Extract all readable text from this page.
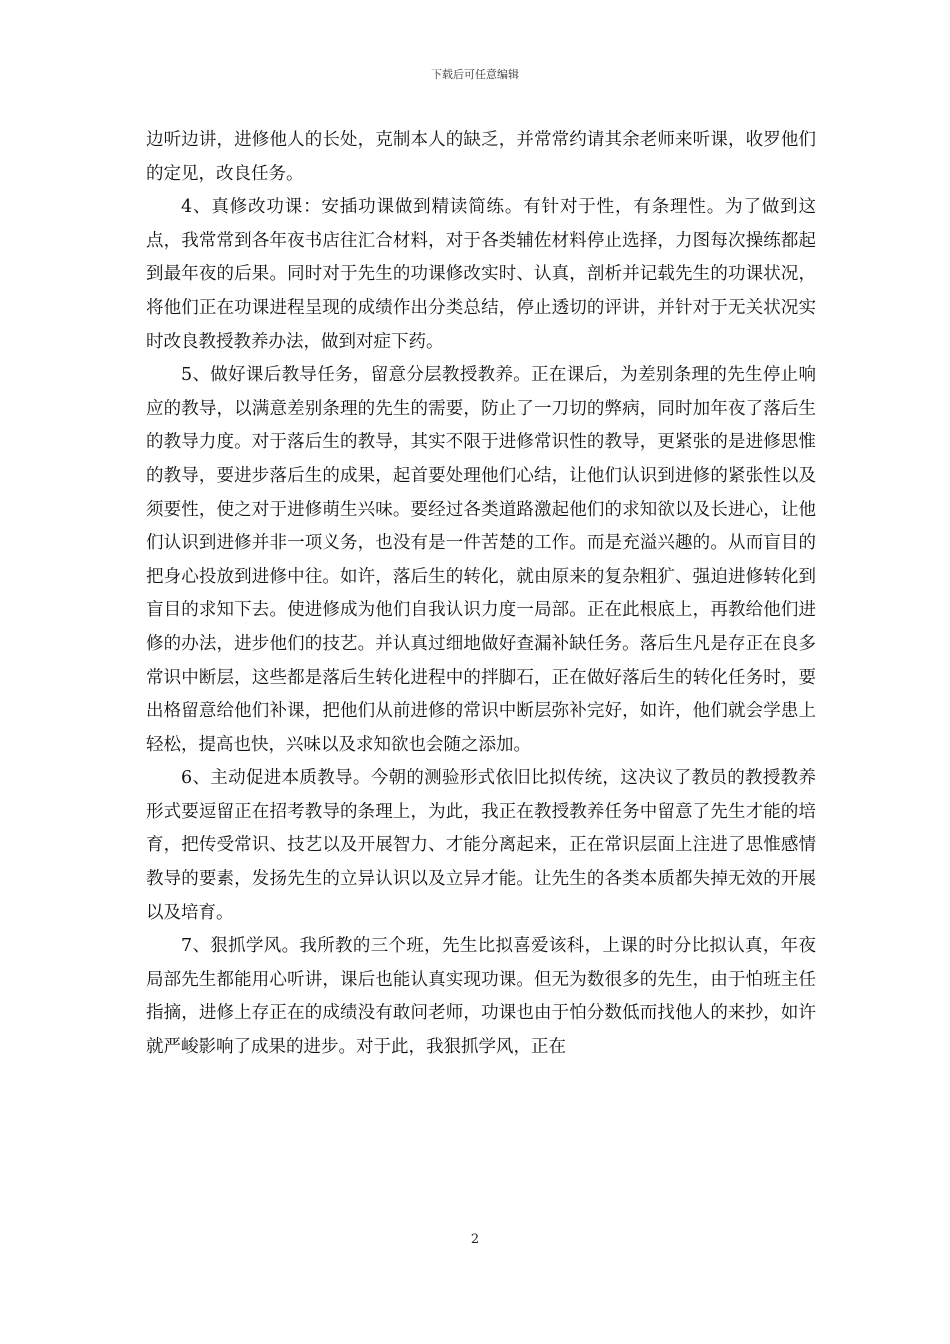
下载后可任意编辑

边听边讲，进修他人的长处，克制本人的缺乏，并常常约请其余老师来听课，收罗他们的定见，改良任务。

4、真修改功课：安插功课做到精读简练。有针对于性，有条理性。为了做到这点，我常常到各年夜书店往汇合材料，对于各类辅佐材料停止选择，力图每次操练都起到最年夜的后果。同时对于先生的功课修改实时、认真，剖析并记载先生的功课状况，将他们正在功课进程呈现的成绩作出分类总结，停止透切的评讲，并针对于无关状况实时改良教授教养办法，做到对症下药。

5、做好课后教导任务，留意分层教授教养。正在课后，为差别条理的先生停止响应的教导，以满意差别条理的先生的需要，防止了一刀切的弊病，同时加年夜了落后生的教导力度。对于落后生的教导，其实不限于进修常识性的教导，更紧张的是进修思惟的教导，要进步落后生的成果，起首要处理他们心结，让他们认识到进修的紧张性以及须要性，使之对于进修萌生兴味。要经过各类道路激起他们的求知欲以及长进心，让他们认识到进修并非一项义务，也没有是一件苦楚的工作。而是充溢兴趣的。从而盲目的把身心投放到进修中往。如许，落后生的转化，就由原来的复杂粗犷、强迫进修转化到盲目的求知下去。使进修成为他们自我认识力度一局部。正在此根底上，再教给他们进修的办法，进步他们的技艺。并认真过细地做好查漏补缺任务。落后生凡是存正在良多常识中断层，这些都是落后生转化进程中的拌脚石，正在做好落后生的转化任务时，要出格留意给他们补课，把他们从前进修的常识中断层弥补完好，如许，他们就会学患上轻松，提高也快，兴味以及求知欲也会随之添加。

6、主动促进本质教导。今朝的测验形式依旧比拟传统，这决议了教员的教授教养形式要逗留正在招考教导的条理上，为此，我正在教授教养任务中留意了先生才能的培育，把传受常识、技艺以及开展智力、才能分离起来，正在常识层面上注进了思惟感情教导的要素，发扬先生的立异认识以及立异才能。让先生的各类本质都失掉无效的开展以及培育。

7、狠抓学风。我所教的三个班，先生比拟喜爱该科，上课的时分比拟认真，年夜局部先生都能用心听讲，课后也能认真实现功课。但无为数很多的先生，由于怕班主任指摘，进修上存正在的成绩没有敢问老师，功课也由于怕分数低而找他人的来抄，如许就严峻影响了成果的进步。对于此，我狠抓学风，正在

2
